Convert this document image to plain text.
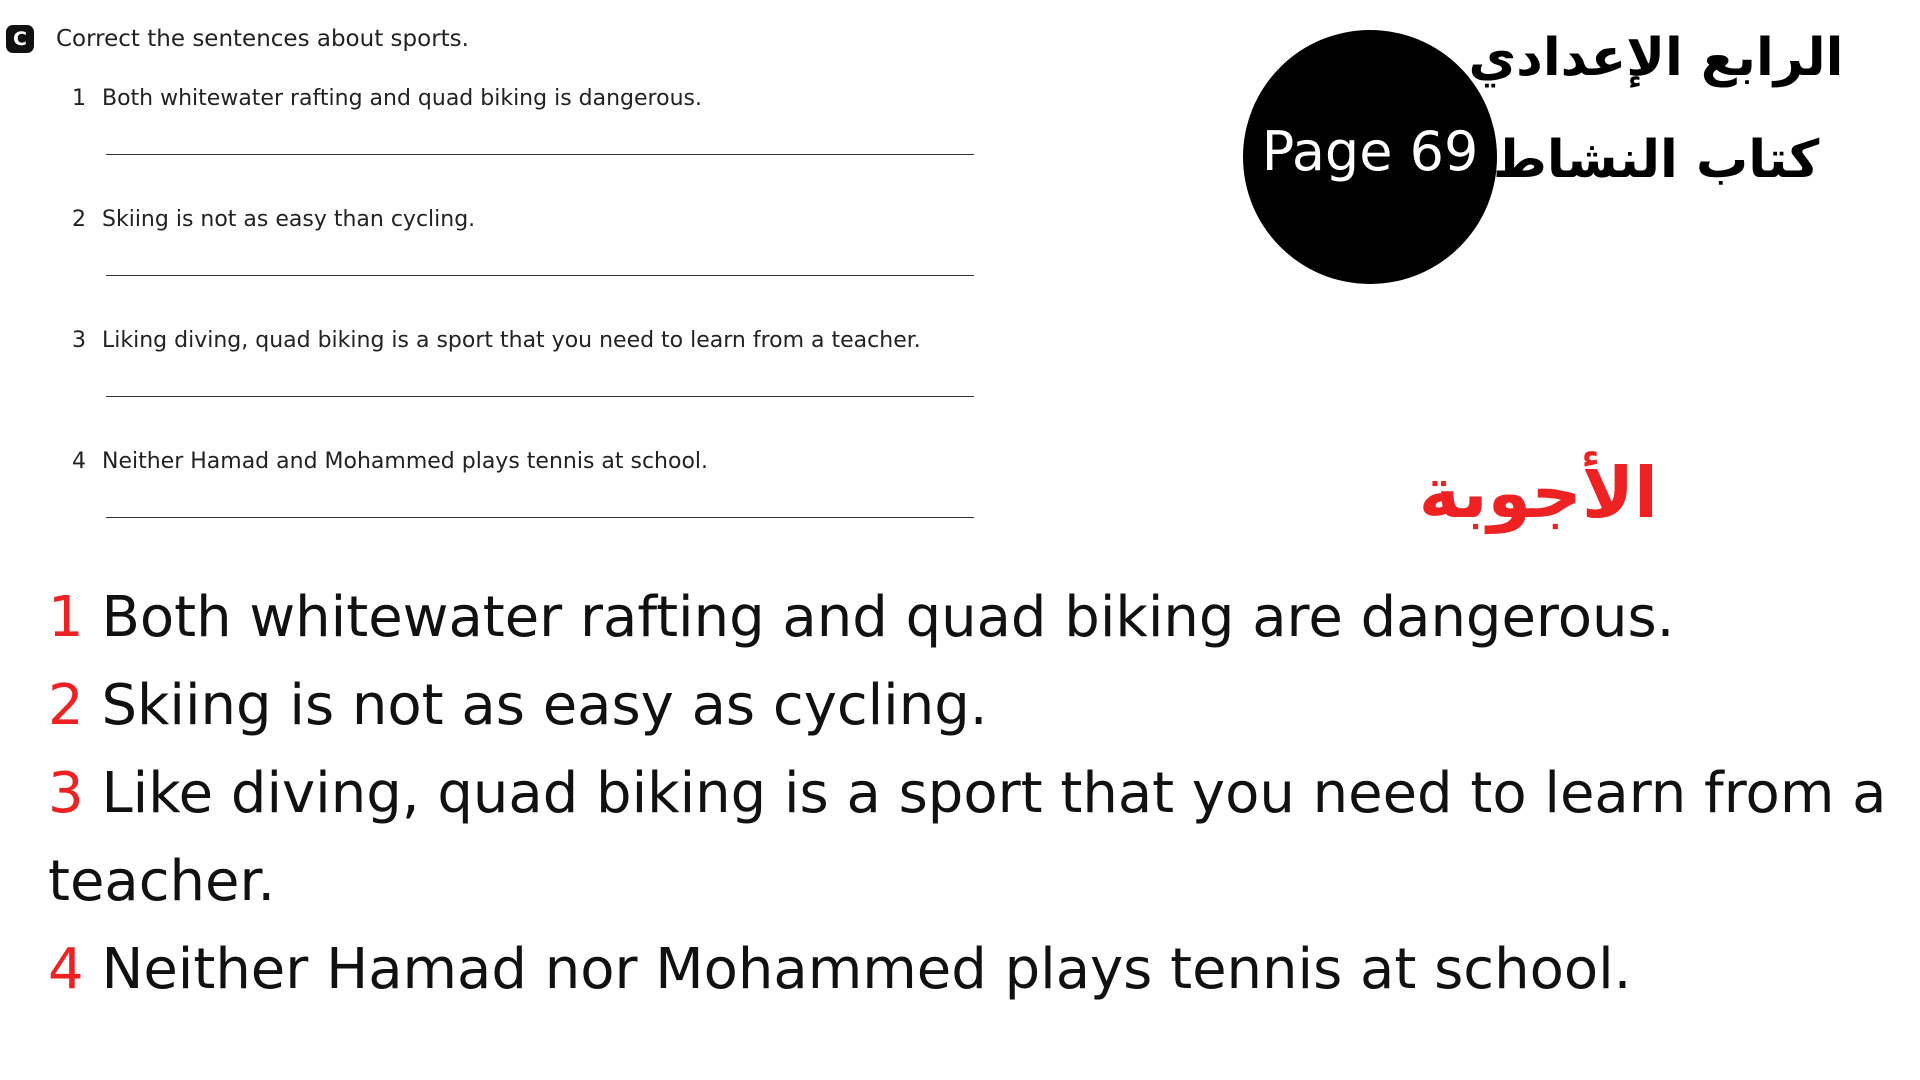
C	Correct the sentences about sports.
1 Both whitewater rafting and quad biking is dangerous.
2 Skiing is not as easy than cycling.
3 Liking diving, quad biking is a sport that you need to learn from a teacher.
4 Neither Hamad and Mohammed plays tennis at school.
Page 69
الرابع الإعدادي
كتاب النشاط
الأجوبة
1 Both whitewater rafting and quad biking are dangerous.
2 Skiing is not as easy as cycling.
3 Like diving, quad biking is a sport that you need to learn from a teacher.
4 Neither Hamad nor Mohammed plays tennis at school.
